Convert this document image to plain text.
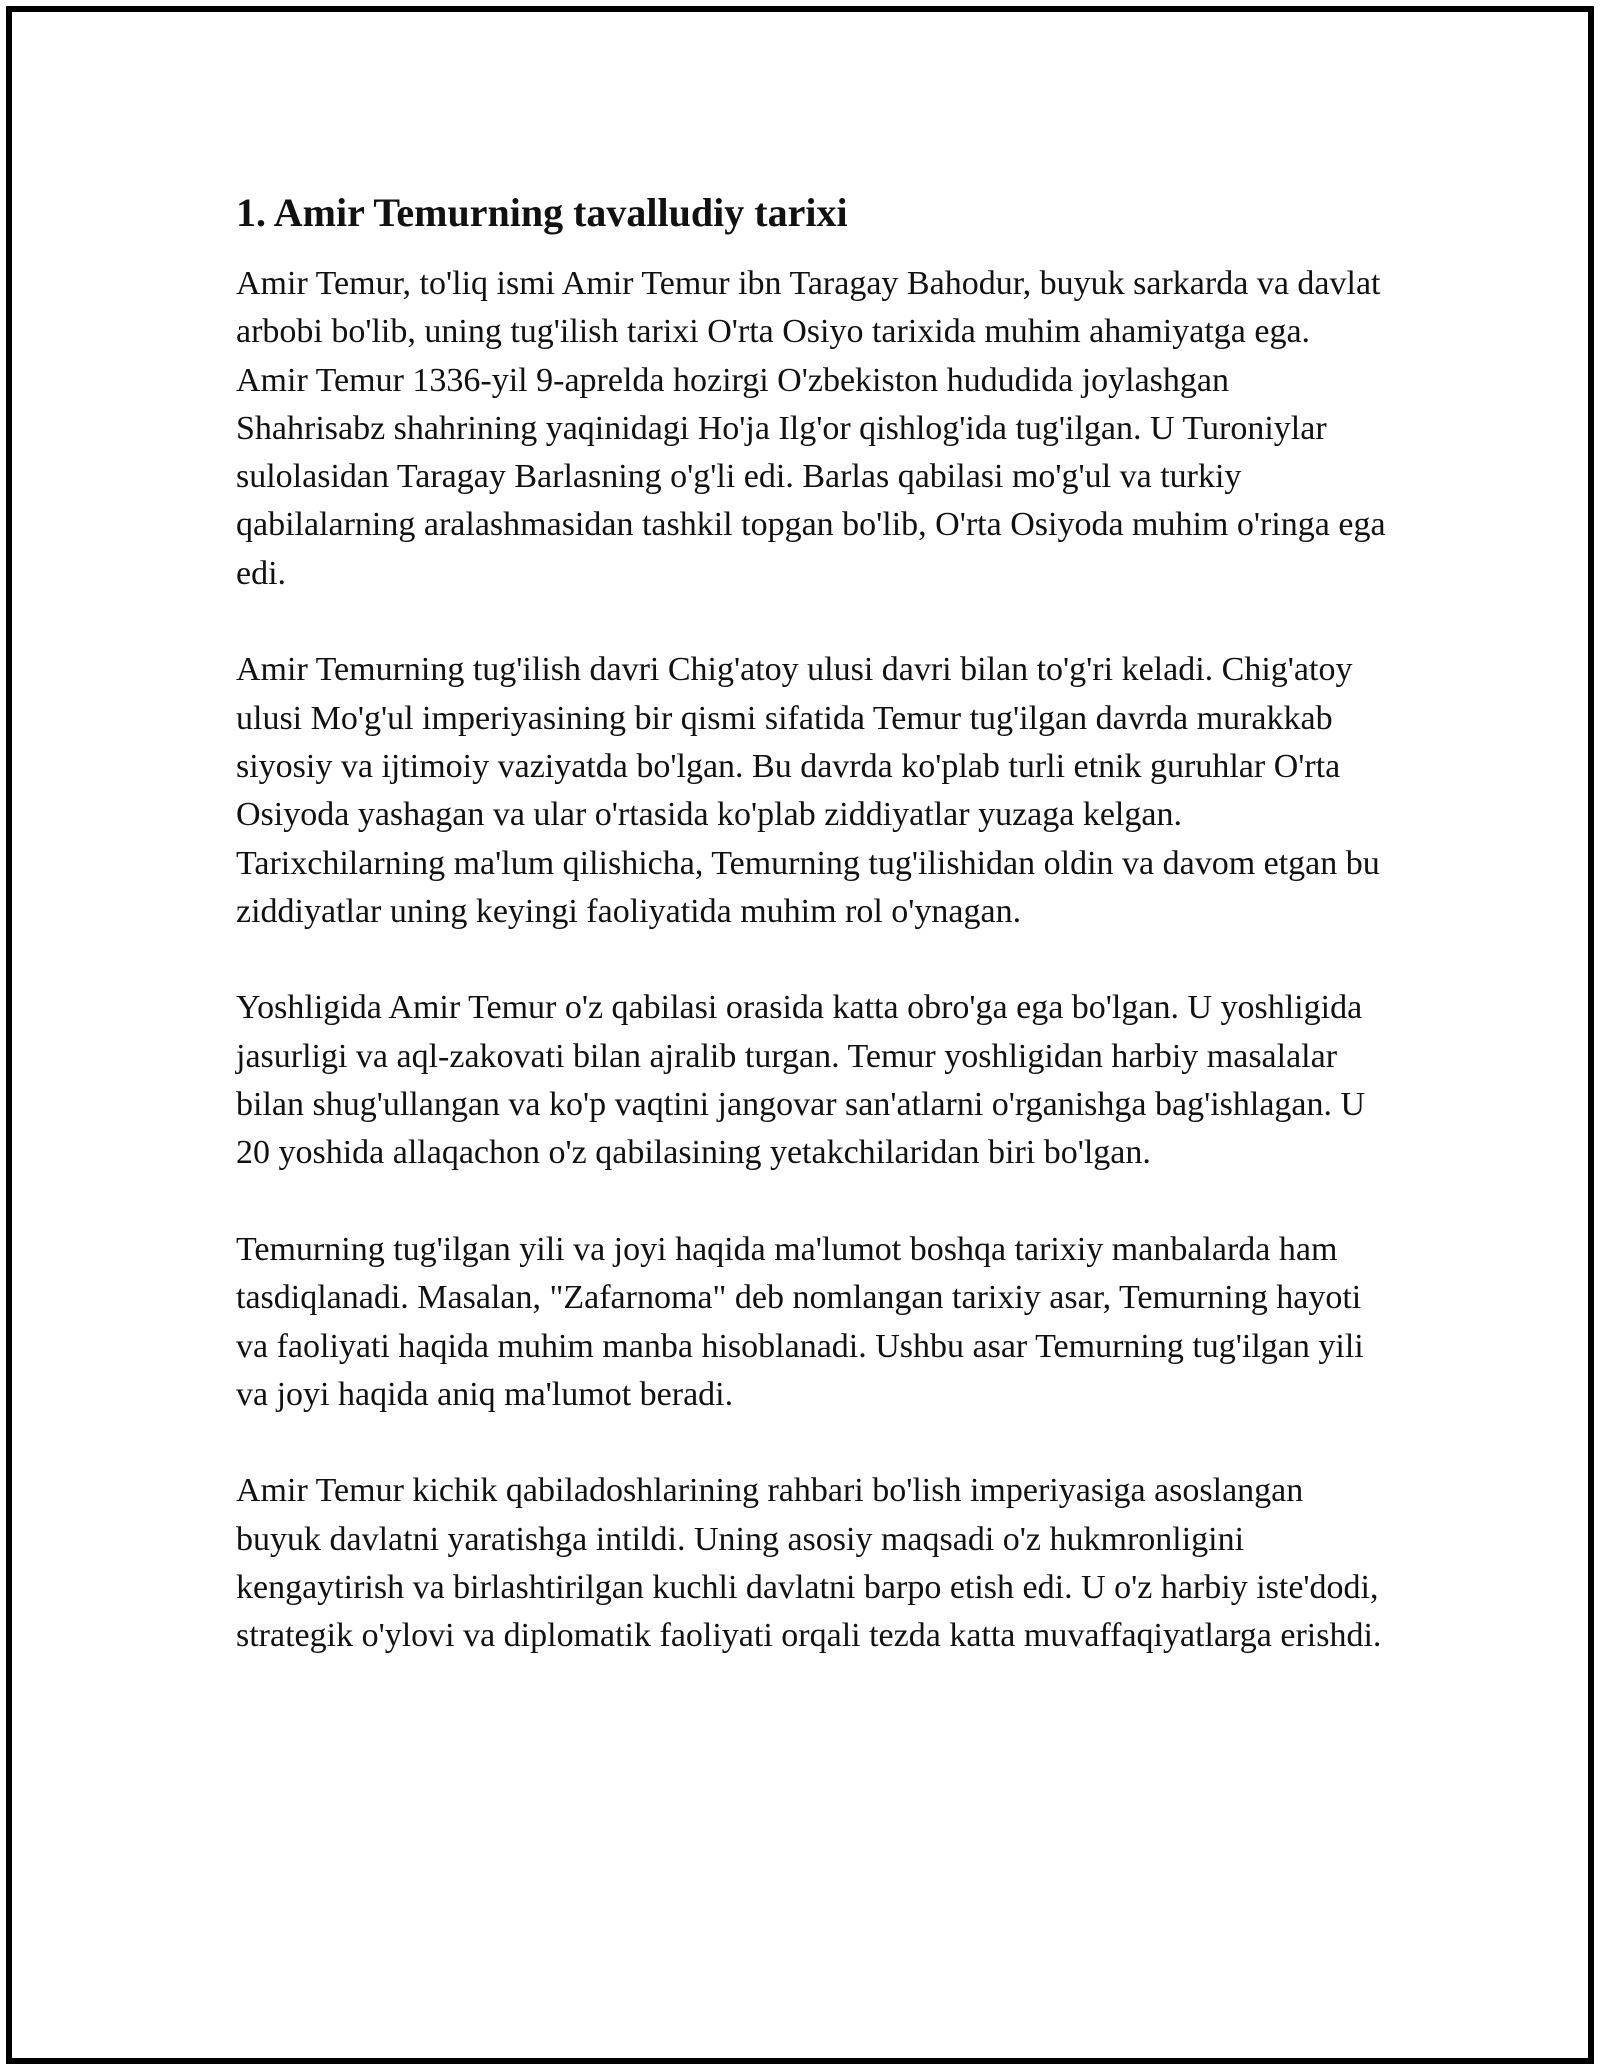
1. Amir Temurning tavalludiy tarixi

Amir Temur, to'liq ismi Amir Temur ibn Taragay Bahodur, buyuk sarkarda va davlat arbobi bo'lib, uning tug'ilish tarixi O'rta Osiyo tarixida muhim ahamiyatga ega. Amir Temur 1336-yil 9-aprelda hozirgi O'zbekiston hududida joylashgan Shahrisabz shahrining yaqinidagi Ho'ja Ilg'or qishlog'ida tug'ilgan. U Turoniylar sulolasidan Taragay Barlasning o'g'li edi. Barlas qabilasi mo'g'ul va turkiy qabilalarning aralashmasidan tashkil topgan bo'lib, O'rta Osiyoda muhim o'ringa ega edi.

Amir Temurning tug'ilish davri Chig'atoy ulusi davri bilan to'g'ri keladi. Chig'atoy ulusi Mo'g'ul imperiyasining bir qismi sifatida Temur tug'ilgan davrda murakkab siyosiy va ijtimoiy vaziyatda bo'lgan. Bu davrda ko'plab turli etnik guruhlar O'rta Osiyoda yashagan va ular o'rtasida ko'plab ziddiyatlar yuzaga kelgan. Tarixchilarning ma'lum qilishicha, Temurning tug'ilishidan oldin va davom etgan bu ziddiyatlar uning keyingi faoliyatida muhim rol o'ynagan.

Yoshligida Amir Temur o'z qabilasi orasida katta obro'ga ega bo'lgan. U yoshligida jasurligi va aql-zakovati bilan ajralib turgan. Temur yoshligidan harbiy masalalar bilan shug'ullangan va ko'p vaqtini jangovar san'atlarni o'rganishga bag'ishlagan. U 20 yoshida allaqachon o'z qabilasining yetakchilaridan biri bo'lgan.

Temurning tug'ilgan yili va joyi haqida ma'lumot boshqa tarixiy manbalarda ham tasdiqlanadi. Masalan, "Zafarnoma" deb nomlangan tarixiy asar, Temurning hayoti va faoliyati haqida muhim manba hisoblanadi. Ushbu asar Temurning tug'ilgan yili va joyi haqida aniq ma'lumot beradi.

Amir Temur kichik qabiladoshlarining rahbari bo'lish imperiyasiga asoslangan buyuk davlatni yaratishga intildi. Uning asosiy maqsadi o'z hukmronligini kengaytirish va birlashtirilgan kuchli davlatni barpo etish edi. U o'z harbiy iste'dodi, strategik o'ylovi va diplomatik faoliyati orqali tezda katta muvaffaqiyatlarga erishdi.
